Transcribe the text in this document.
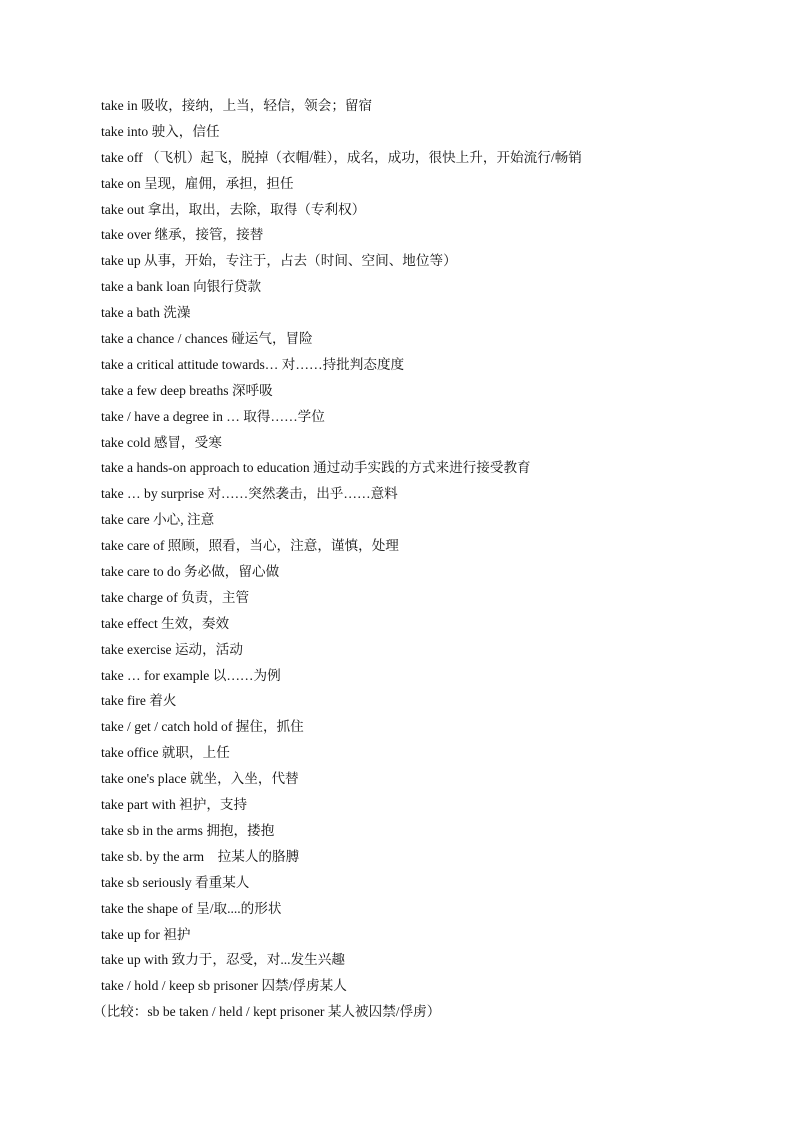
take in 吸收，接纳，上当，轻信，领会；留宿
take into 驶入，信任
take off （飞机）起飞，脱掉（衣帽/鞋），成名，成功，很快上升，开始流行/畅销
take on 呈现，雇佣，承担，担任
take out 拿出，取出，去除，取得（专利权）
take over 继承，接管，接替
take up 从事，开始，专注于，占去（时间、空间、地位等）
take a bank loan 向银行贷款
take a bath 洗澡
take a chance / chances 碰运气，冒险
take a critical attitude towards… 对……持批判态度度
take a few deep breaths 深呼吸
take / have a degree in … 取得……学位
take cold 感冒，受寒
take a hands-on approach to education 通过动手实践的方式来进行接受教育
take … by surprise 对……突然袭击，出乎……意料
take care 小心, 注意
take care of 照顾，照看，当心，注意，谨慎，处理
take care to do 务必做，留心做
take charge of 负责，主管
take effect 生效，奏效
take exercise 运动，活动
take … for example 以……为例
take fire 着火
take / get / catch hold of 握住，抓住
take office 就职，上任
take one's place 就坐，入坐，代替
take part with 袒护，支持
take sb in the arms 拥抱，搂抱
take sb. by the arm　拉某人的胳膊
take sb seriously 看重某人
take the shape of 呈/取....的形状
take up for 袒护
take up with 致力于，忍受，对...发生兴趣
take / hold / keep sb prisoner 囚禁/俘虏某人
（比较：sb be taken / held / kept prisoner 某人被囚禁/俘虏）
